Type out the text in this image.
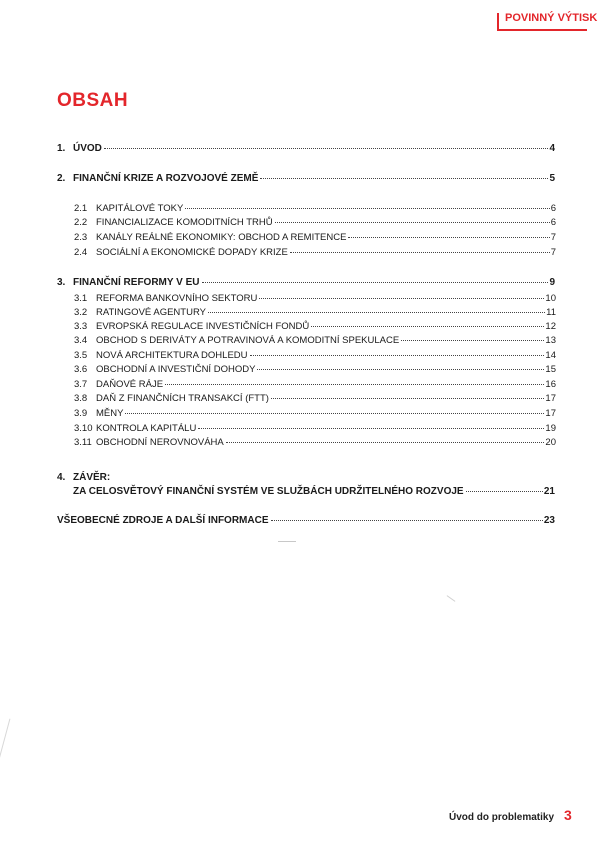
POVINNÝ VÝTISK
OBSAH
1. ÚVOD	4
2. FINANČNÍ KRIZE A ROZVOJOVÉ ZEMĚ	5
2.1 KAPITÁLOVÉ TOKY	6
2.2 FINANCIALIZACE KOMODITNÍCH TRHŮ	6
2.3 KANÁLY REÁLNÉ EKONOMIKY: OBCHOD A REMITENCE	7
2.4 SOCIÁLNÍ A EKONOMICKÉ DOPADY KRIZE	7
3. FINANČNÍ REFORMY V EU	9
3.1 REFORMA BANKOVNÍHO SEKTORU	10
3.2 RATINGOVÉ AGENTURY	11
3.3 EVROPSKÁ REGULACE INVESTIČNÍCH FONDŮ	12
3.4 OBCHOD S DERIVÁTY A POTRAVINOVÁ A KOMODITNÍ SPEKULACE	13
3.5 NOVÁ ARCHITEKTURA DOHLEDU	14
3.6 OBCHODNÍ A INVESTIČNÍ DOHODY	15
3.7 DAŇOVÉ RÁJE	16
3.8 DAŇ Z FINANČNÍCH TRANSAKCÍ (FTT)	17
3.9 MĚNY	17
3.10 KONTROLA KAPITÁLU	19
3.11 OBCHODNÍ NEROVNOVÁHA	20
4. ZÁVĚR:
ZA CELOSVĚTOVÝ FINANČNÍ SYSTÉM VE SLUŽBÁCH UDRŽITELNÉHO ROZVOJE	21
VŠEOBECNÉ ZDROJE A DALŠÍ INFORMACE	23
Úvod do problematiky 3
